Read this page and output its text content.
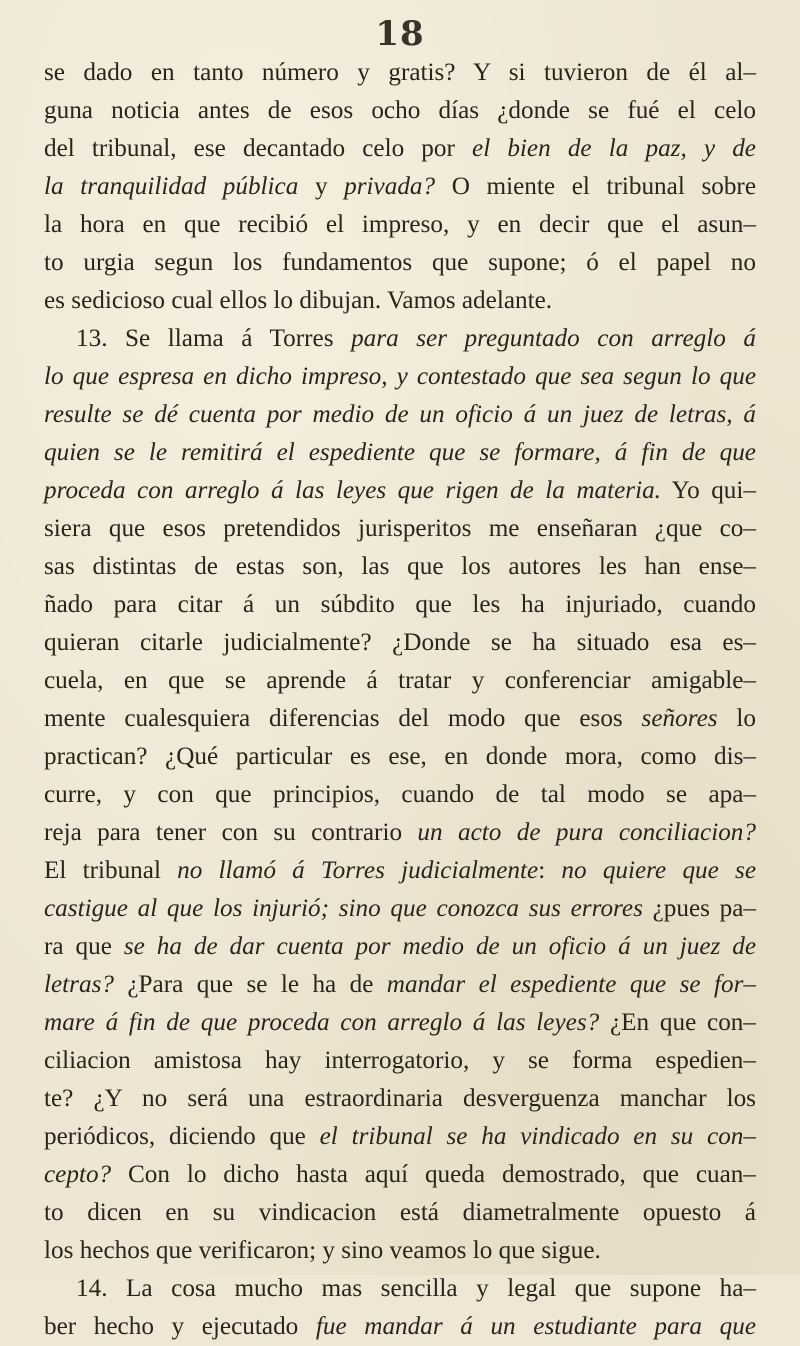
18
se dado en tanto número y gratis? Y si tuvieron de él al–
guna noticia antes de esos ocho días ¿donde se fué el celo
del tribunal, ese decantado celo por el bien de la paz, y de
la tranquilidad pública y privada? O miente el tribunal sobre
la hora en que recibió el impreso, y en decir que el asun–
to urgia segun los fundamentos que supone; ó el papel no
es sedicioso cual ellos lo dibujan. Vamos adelante.
13. Se llama á Torres para ser preguntado con arreglo á
lo que espresa en dicho impreso, y contestado que sea segun lo que
resulte se dé cuenta por medio de un oficio á un juez de letras, á
quien se le remitirá el espediente que se formare, á fin de que
proceda con arreglo á las leyes que rigen de la materia. Yo qui–
siera que esos pretendidos jurisperitos me enseñaran ¿que co–
sas distintas de estas son, las que los autores les han ense–
ñado para citar á un súbdito que les ha injuriado, cuando
quieran citarle judicialmente? ¿Donde se ha situado esa es–
cuela, en que se aprende á tratar y conferenciar amigable–
mente cualesquiera diferencias del modo que esos señores lo
practican? ¿Qué particular es ese, en donde mora, como dis–
curre, y con que principios, cuando de tal modo se apa–
reja para tener con su contrario un acto de pura conciliacion?
El tribunal no llamó á Torres judicialmente: no quiere que se
castigue al que los injurió; sino que conozca sus errores ¿pues pa–
ra que se ha de dar cuenta por medio de un oficio á un juez de
letras? ¿Para que se le ha de mandar el espediente que se for–
mare á fin de que proceda con arreglo á las leyes? ¿En que con–
ciliacion amistosa hay interrogatorio, y se forma espedien–
te? ¿Y no será una estraordinaria desverguenza manchar los
periódicos, diciendo que el tribunal se ha vindicado en su con–
cepto? Con lo dicho hasta aquí queda demostrado, que cuan–
to dicen en su vindicacion está diametralmente opuesto á
los hechos que verificaron; y sino veamos lo que sigue.
14. La cosa mucho mas sencilla y legal que supone ha–
ber hecho y ejecutado fue mandar á un estudiante para que
